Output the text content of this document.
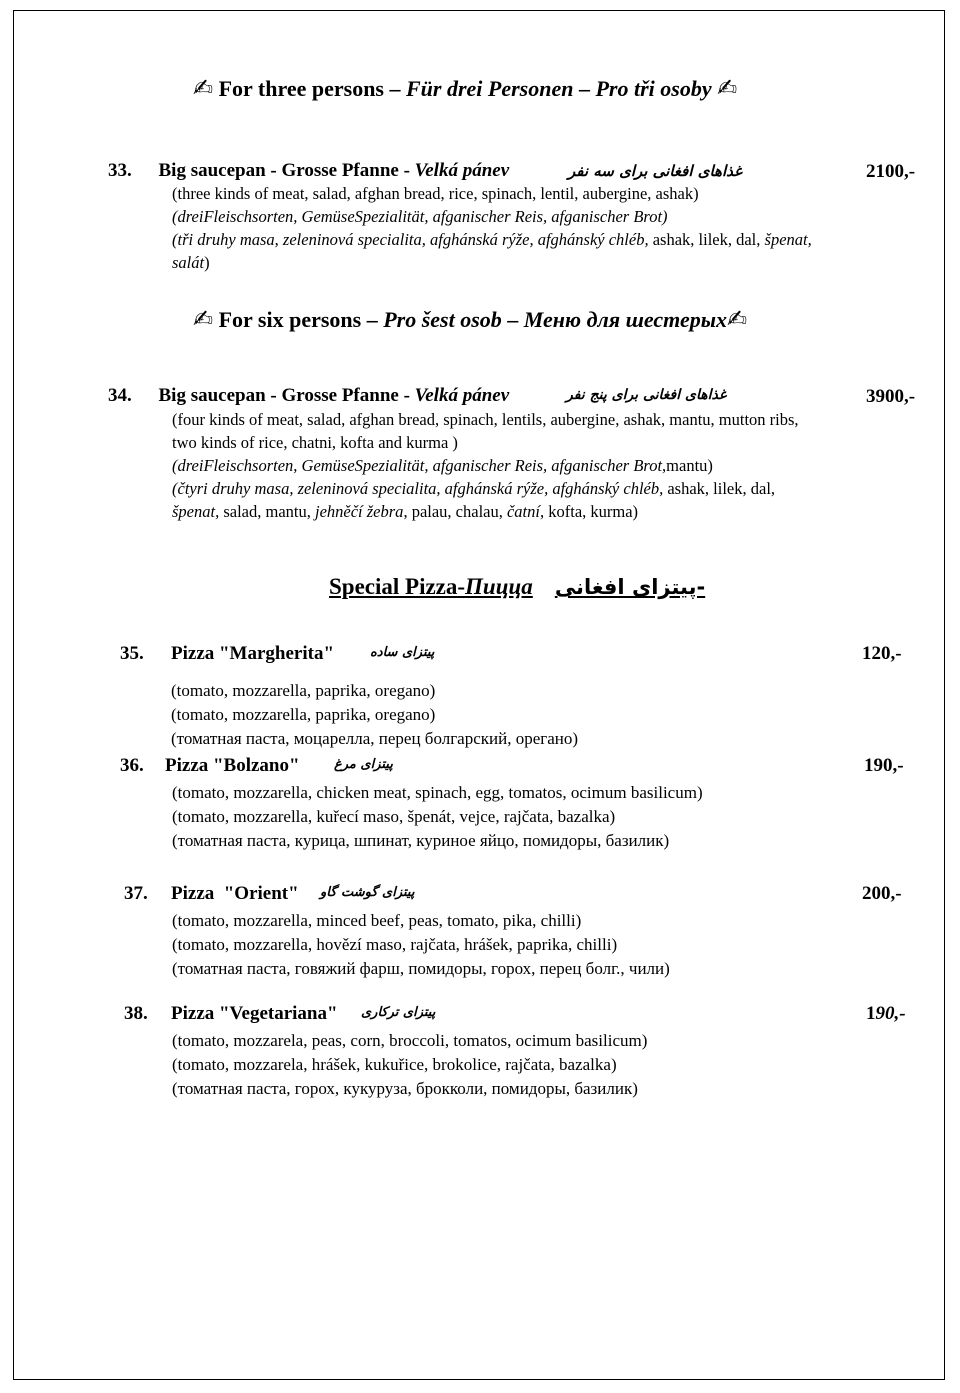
✍ For three persons – Für drei Personen – Pro tři osoby ✍
33. Big saucepan - Grosse Pfanne - Velká pánev	غذاهای افغانی برای سه نفر	2100,-
(three kinds of meat, salad, afghan bread, rice, spinach, lentil, aubergine, ashak)
(dreiFleischsorten, GemüseSpezialität, afganischer Reis, afganischer Brot)
(tři druhy masa, zeleninová specialita, afghánská rýže, afghánský chléb, ashak, lilek, dal, špenat,
salát)
✍ For six persons – Pro šest osob – Меню для шестерых✍
34. Big saucepan - Grosse Pfanne - Velká pánev	غذاهای افغانی برای پنج نفر	3900,-
(four kinds of meat, salad, afghan bread, spinach, lentils, aubergine, ashak, mantu, mutton ribs,
two kinds of rice, chatni, kofta and kurma )
(dreiFleischsorten, GemüseSpezialität, afganischer Reis, afganischer Brot,mantu)
(čtyri druhy masa, zeleninová specialita, afghánská rýže, afghánský chléb, ashak, lilek, dal,
špenat, salad, mantu, jehněčí žebra, palau, chalau, čatní, kofta, kurma)
Special Pizza-Пицца -پیتزای افغانی
35. Pizza "Margherita"	پیتزای ساده	120,-
(tomato, mozzarella, paprika, oregano)
(tomato, mozzarella, paprika, oregano)
(томатная паста, моцарелла, перец болгарский, орегано)
36. Pizza "Bolzano"	پیتزای مرغ	190,-
(tomato, mozzarella, chicken meat, spinach, egg, tomatos, ocimum basilicum)
(tomato, mozzarella, kuřecí maso, špenát, vejce, rajčata, bazalka)
(томатная паста, курица, шпинат, куриное яйцо, помидоры, базилик)
37. Pizza  "Orient" پیتزای گوشت گاو	200,-
(tomato, mozzarella, minced beef, peas, tomato, pika, chilli)
(tomato, mozzarella, hovězí maso, rajčata, hrášek, paprika, chilli)
(томатная паста, говяжий фарш, помидоры, горох, перец болг., чили)
38. Pizza "Vegetariana" پیتزای ترکاری	190,-
(tomato, mozzarela, peas, corn, broccoli, tomatos, ocimum basilicum)
(tomato, mozzarela, hrášek, kukuřice, brokolice, rajčata, bazalka)
(томатная паста, горох, кукуруза, брокколи, помидоры, базилик)
